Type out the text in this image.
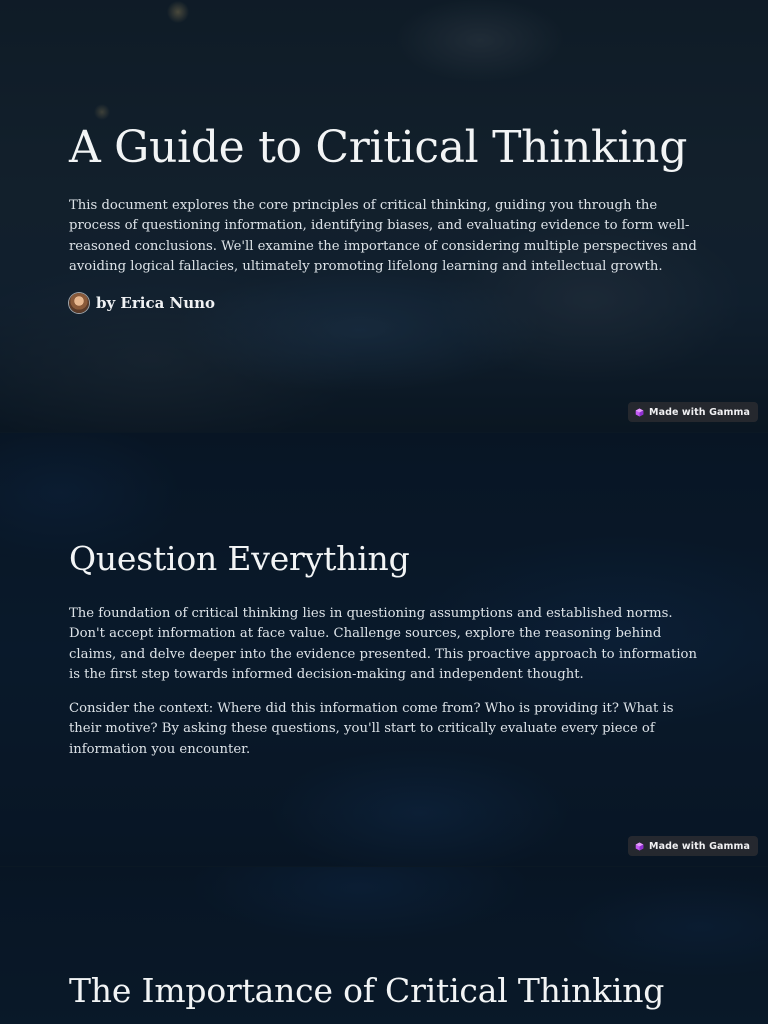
A Guide to Critical Thinking

This document explores the core principles of critical thinking, guiding you through the process of questioning information, identifying biases, and evaluating evidence to form well-reasoned conclusions. We'll examine the importance of considering multiple perspectives and avoiding logical fallacies, ultimately promoting lifelong learning and intellectual growth.

by Erica Nuno
Made with Gamma
Question Everything

The foundation of critical thinking lies in questioning assumptions and established norms. Don't accept information at face value. Challenge sources, explore the reasoning behind claims, and delve deeper into the evidence presented. This proactive approach to information is the first step towards informed decision-making and independent thought.

Consider the context: Where did this information come from? Who is providing it? What is their motive? By asking these questions, you'll start to critically evaluate every piece of information you encounter.

Made with Gamma
The Importance of Critical Thinking
